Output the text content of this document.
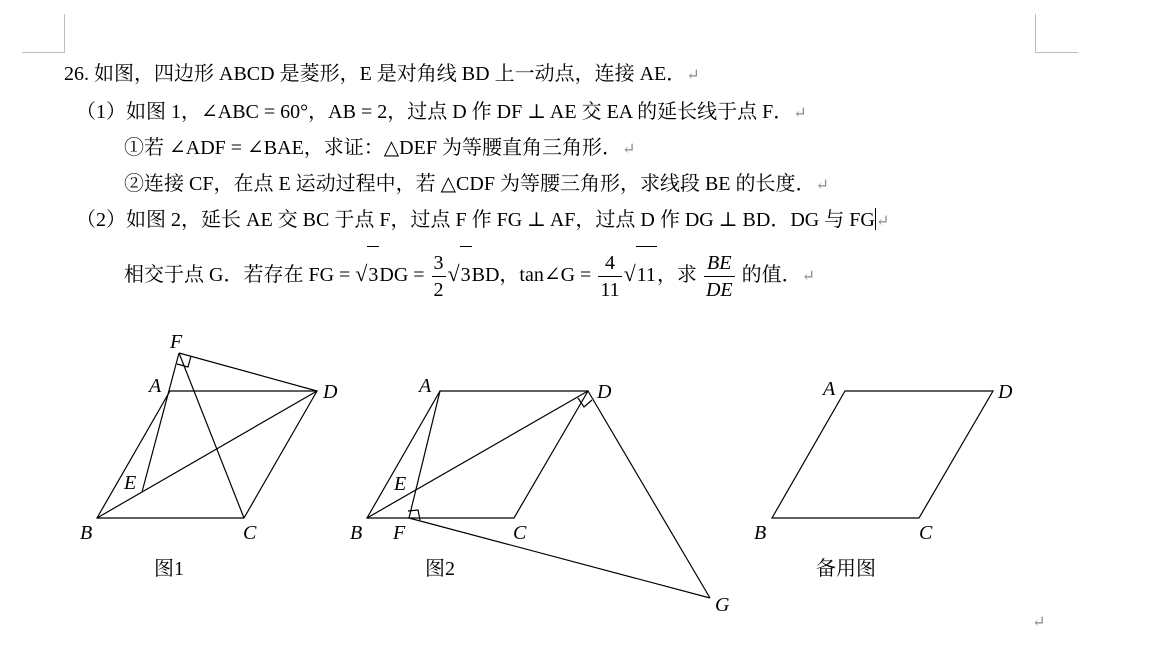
26. 如图，四边形 ABCD 是菱形，E 是对角线 BD 上一动点，连接 AE．↵
（1）如图 1，∠ABC = 60°，AB = 2，过点 D 作 DF ⊥ AE 交 EA 的延长线于点 F．↵
①若 ∠ADF = ∠BAE，求证：△DEF 为等腰直角三角形．↵
②连接 CF，在点 E 运动过程中，若 △CDF 为等腰三角形，求线段 BE 的长度．↵
（2）如图 2，延长 AE 交 BC 于点 F，过点 F 作 FG ⊥ AF，过点 D 作 DG ⊥ BD．DG 与 FG↵
相交于点 G．若存在 FG = $√3DG = \frac{3}{2} √3BD$，tan∠G = $\frac{4}{11} √11$，求 $\frac{BE}{DE}$ 的值．↵
F
A	D
E
B	C
图1
A	D
E
B F	C
G
图2
A	D
B	C
备用图
↵
